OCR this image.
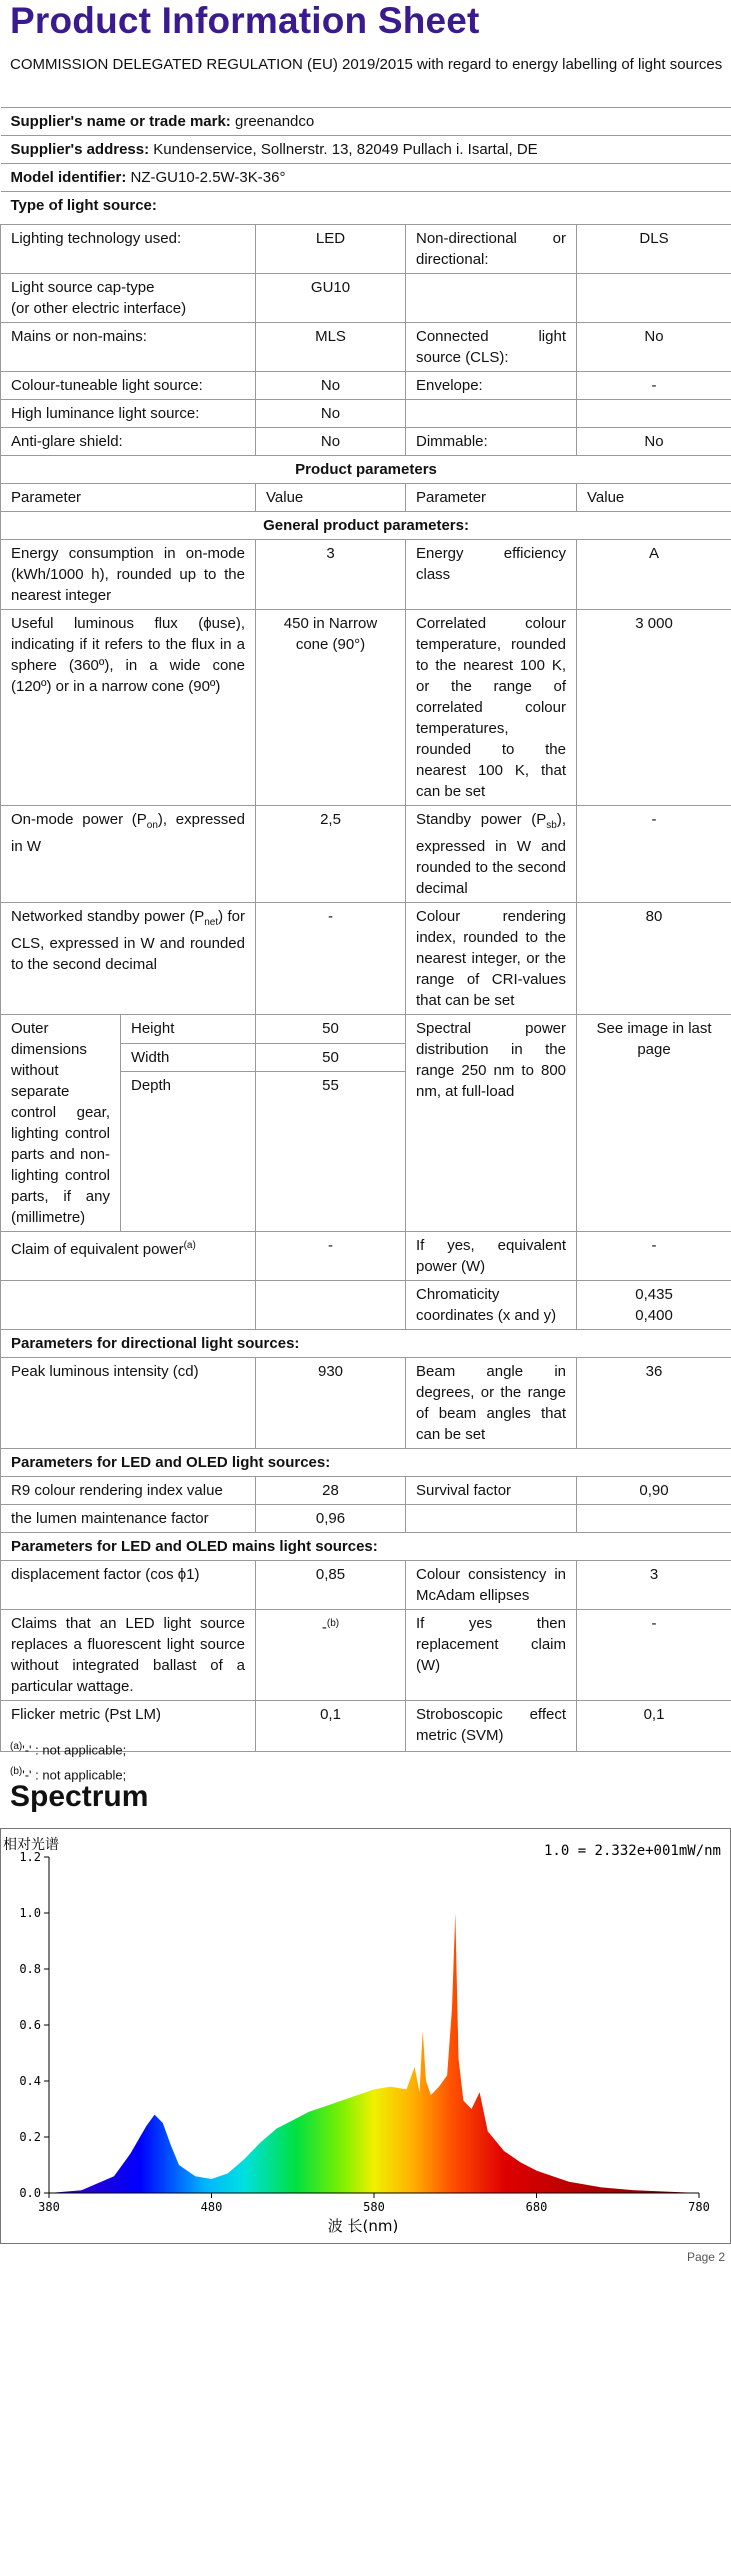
Product Information Sheet
COMMISSION DELEGATED REGULATION (EU) 2019/2015 with regard to energy labelling of light sources
Supplier's name or trade mark: greenandco				
Supplier's address: Kundenservice, Sollnerstr. 13, 82049 Pullach i. Isartal, DE				
Model identifier: NZ-GU10-2.5W-3K-36°				
Type of light source:				
Lighting technology used:		LED	Non-directional or directional:	DLS

Light source cap-type
(or other electric interface)		GU10		
Mains or non-mains:		MLS	Connected light source (CLS):	No
Colour-tuneable light source:		No	Envelope:	-
High luminance light source:		No		
Anti-glare shield:		No	Dimmable:	No
Product parameters				
Parameter		Value	Parameter	Value
General product parameters:				
Energy consumption in on-mode (kWh/1000 h), rounded up to the nearest integer		3	Energy efficiency class	A
Useful luminous flux (ϕuse), indicating if it refers to the flux in a sphere (360º), in a wide cone (120º) or in a narrow cone (90º)		450 in Narrow cone (90°)	Correlated colour temperature, rounded to the nearest 100 K, or the range of correlated colour temperatures, rounded to the nearest 100 K, that can be set	3 000
On-mode power $(P_{on})$, expressed in W		2,5	Standby power $(P_{sb})$, expressed in W and rounded to the second decimal	-
Networked standby power $(P_{net})$ for CLS, expressed in W and rounded to the second decimal		-	Colour rendering index, rounded to the nearest integer, or the range of CRI-values that can be set	80
Outer dimensions without separate control gear, lighting control parts and non-lighting control parts, if any (millimetre)	Height	50	Spectral power distribution in the range 250 nm to 800 nm, at full-load	See image in last page
	Width	50		
	Depth	55		
Claim of equivalent power$^{(a)}$		-	If yes, equivalent power (W)	-
			Chromaticity coordinates (x and y)	0,435
0,400

Parameters for directional light sources:				
Peak luminous intensity (cd)		930	Beam angle in degrees, or the range of beam angles that can be set	36
Parameters for LED and OLED light sources:				
R9 colour rendering index value		28	Survival factor	0,90
the lumen maintenance factor		0,96		
Parameters for LED and OLED mains light sources:				
displacement factor (cos ϕ1)		0,85	Colour consistency in McAdam ellipses	3
Claims that an LED light source replaces a fluorescent light source without integrated ballast of a particular wattage.		-$^{(b)}$	If yes then replacement claim (W)	-
Flicker metric (Pst LM)		0,1	Stroboscopic effect metric (SVM)	0,1
$^{(a)}$'-' : not applicable;
$^{(b)}$'-' : not applicable;
Spectrum
相对光谱	1.0 = 2.332e+001mW/nm
波 长(nm)
0.0
0.2
0.4
0.6
0.8
1.0
1.2
380	480	580	680	780
Page 2
